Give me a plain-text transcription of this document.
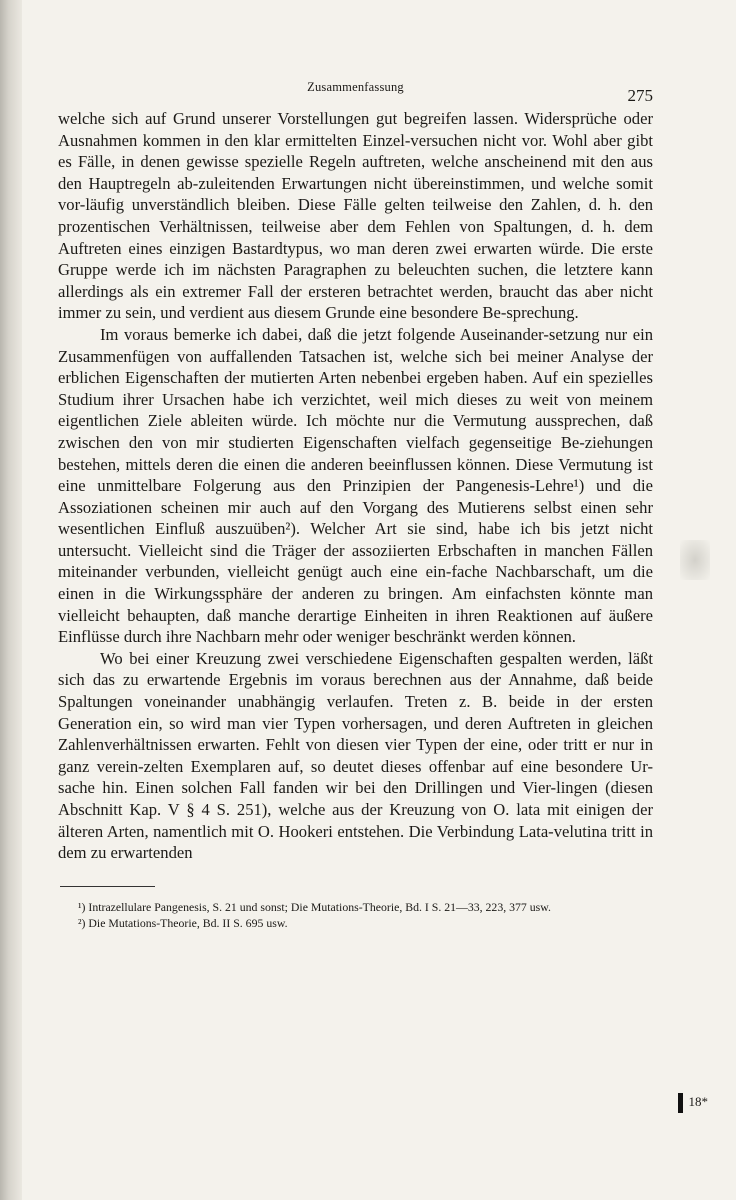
Zusammenfassung	275

welche sich auf Grund unserer Vorstellungen gut begreifen lassen. Widersprüche oder Ausnahmen kommen in den klar ermittelten Einzel-versuchen nicht vor. Wohl aber gibt es Fälle, in denen gewisse spezielle Regeln auftreten, welche anscheinend mit den aus den Hauptregeln ab-zuleitenden Erwartungen nicht übereinstimmen, und welche somit vor-läufig unverständlich bleiben. Diese Fälle gelten teilweise den Zahlen, d. h. den prozentischen Verhältnissen, teilweise aber dem Fehlen von Spaltungen, d. h. dem Auftreten eines einzigen Bastardtypus, wo man deren zwei erwarten würde. Die erste Gruppe werde ich im nächsten Paragraphen zu beleuchten suchen, die letztere kann allerdings als ein extremer Fall der ersteren betrachtet werden, braucht das aber nicht immer zu sein, und verdient aus diesem Grunde eine besondere Be-sprechung.

Im voraus bemerke ich dabei, daß die jetzt folgende Auseinander-setzung nur ein Zusammenfügen von auffallenden Tatsachen ist, welche sich bei meiner Analyse der erblichen Eigenschaften der mutierten Arten nebenbei ergeben haben. Auf ein spezielles Studium ihrer Ursachen habe ich verzichtet, weil mich dieses zu weit von meinem eigentlichen Ziele ableiten würde. Ich möchte nur die Vermutung aussprechen, daß zwischen den von mir studierten Eigenschaften vielfach gegenseitige Be-ziehungen bestehen, mittels deren die einen die anderen beeinflussen können. Diese Vermutung ist eine unmittelbare Folgerung aus den Prinzipien der Pangenesis-Lehre¹) und die Assoziationen scheinen mir auch auf den Vorgang des Mutierens selbst einen sehr wesentlichen Einfluß auszuüben²). Welcher Art sie sind, habe ich bis jetzt nicht untersucht. Vielleicht sind die Träger der assoziierten Erbschaften in manchen Fällen miteinander verbunden, vielleicht genügt auch eine ein-fache Nachbarschaft, um die einen in die Wirkungssphäre der anderen zu bringen. Am einfachsten könnte man vielleicht behaupten, daß manche derartige Einheiten in ihren Reaktionen auf äußere Einflüsse durch ihre Nachbarn mehr oder weniger beschränkt werden können.

Wo bei einer Kreuzung zwei verschiedene Eigenschaften gespalten werden, läßt sich das zu erwartende Ergebnis im voraus berechnen aus der Annahme, daß beide Spaltungen voneinander unabhängig verlaufen. Treten z. B. beide in der ersten Generation ein, so wird man vier Typen vorhersagen, und deren Auftreten in gleichen Zahlenverhältnissen erwarten. Fehlt von diesen vier Typen der eine, oder tritt er nur in ganz verein-zelten Exemplaren auf, so deutet dieses offenbar auf eine besondere Ur-sache hin. Einen solchen Fall fanden wir bei den Drillingen und Vier-lingen (diesen Abschnitt Kap. V § 4 S. 251), welche aus der Kreuzung von O. lata mit einigen der älteren Arten, namentlich mit O. Hookeri entstehen. Die Verbindung Lata-velutina tritt in dem zu erwartenden

¹) Intrazellulare Pangenesis, S. 21 und sonst; Die Mutations-Theorie, Bd. I S. 21—33, 223, 377 usw.

²) Die Mutations-Theorie, Bd. II S. 695 usw.

18*
